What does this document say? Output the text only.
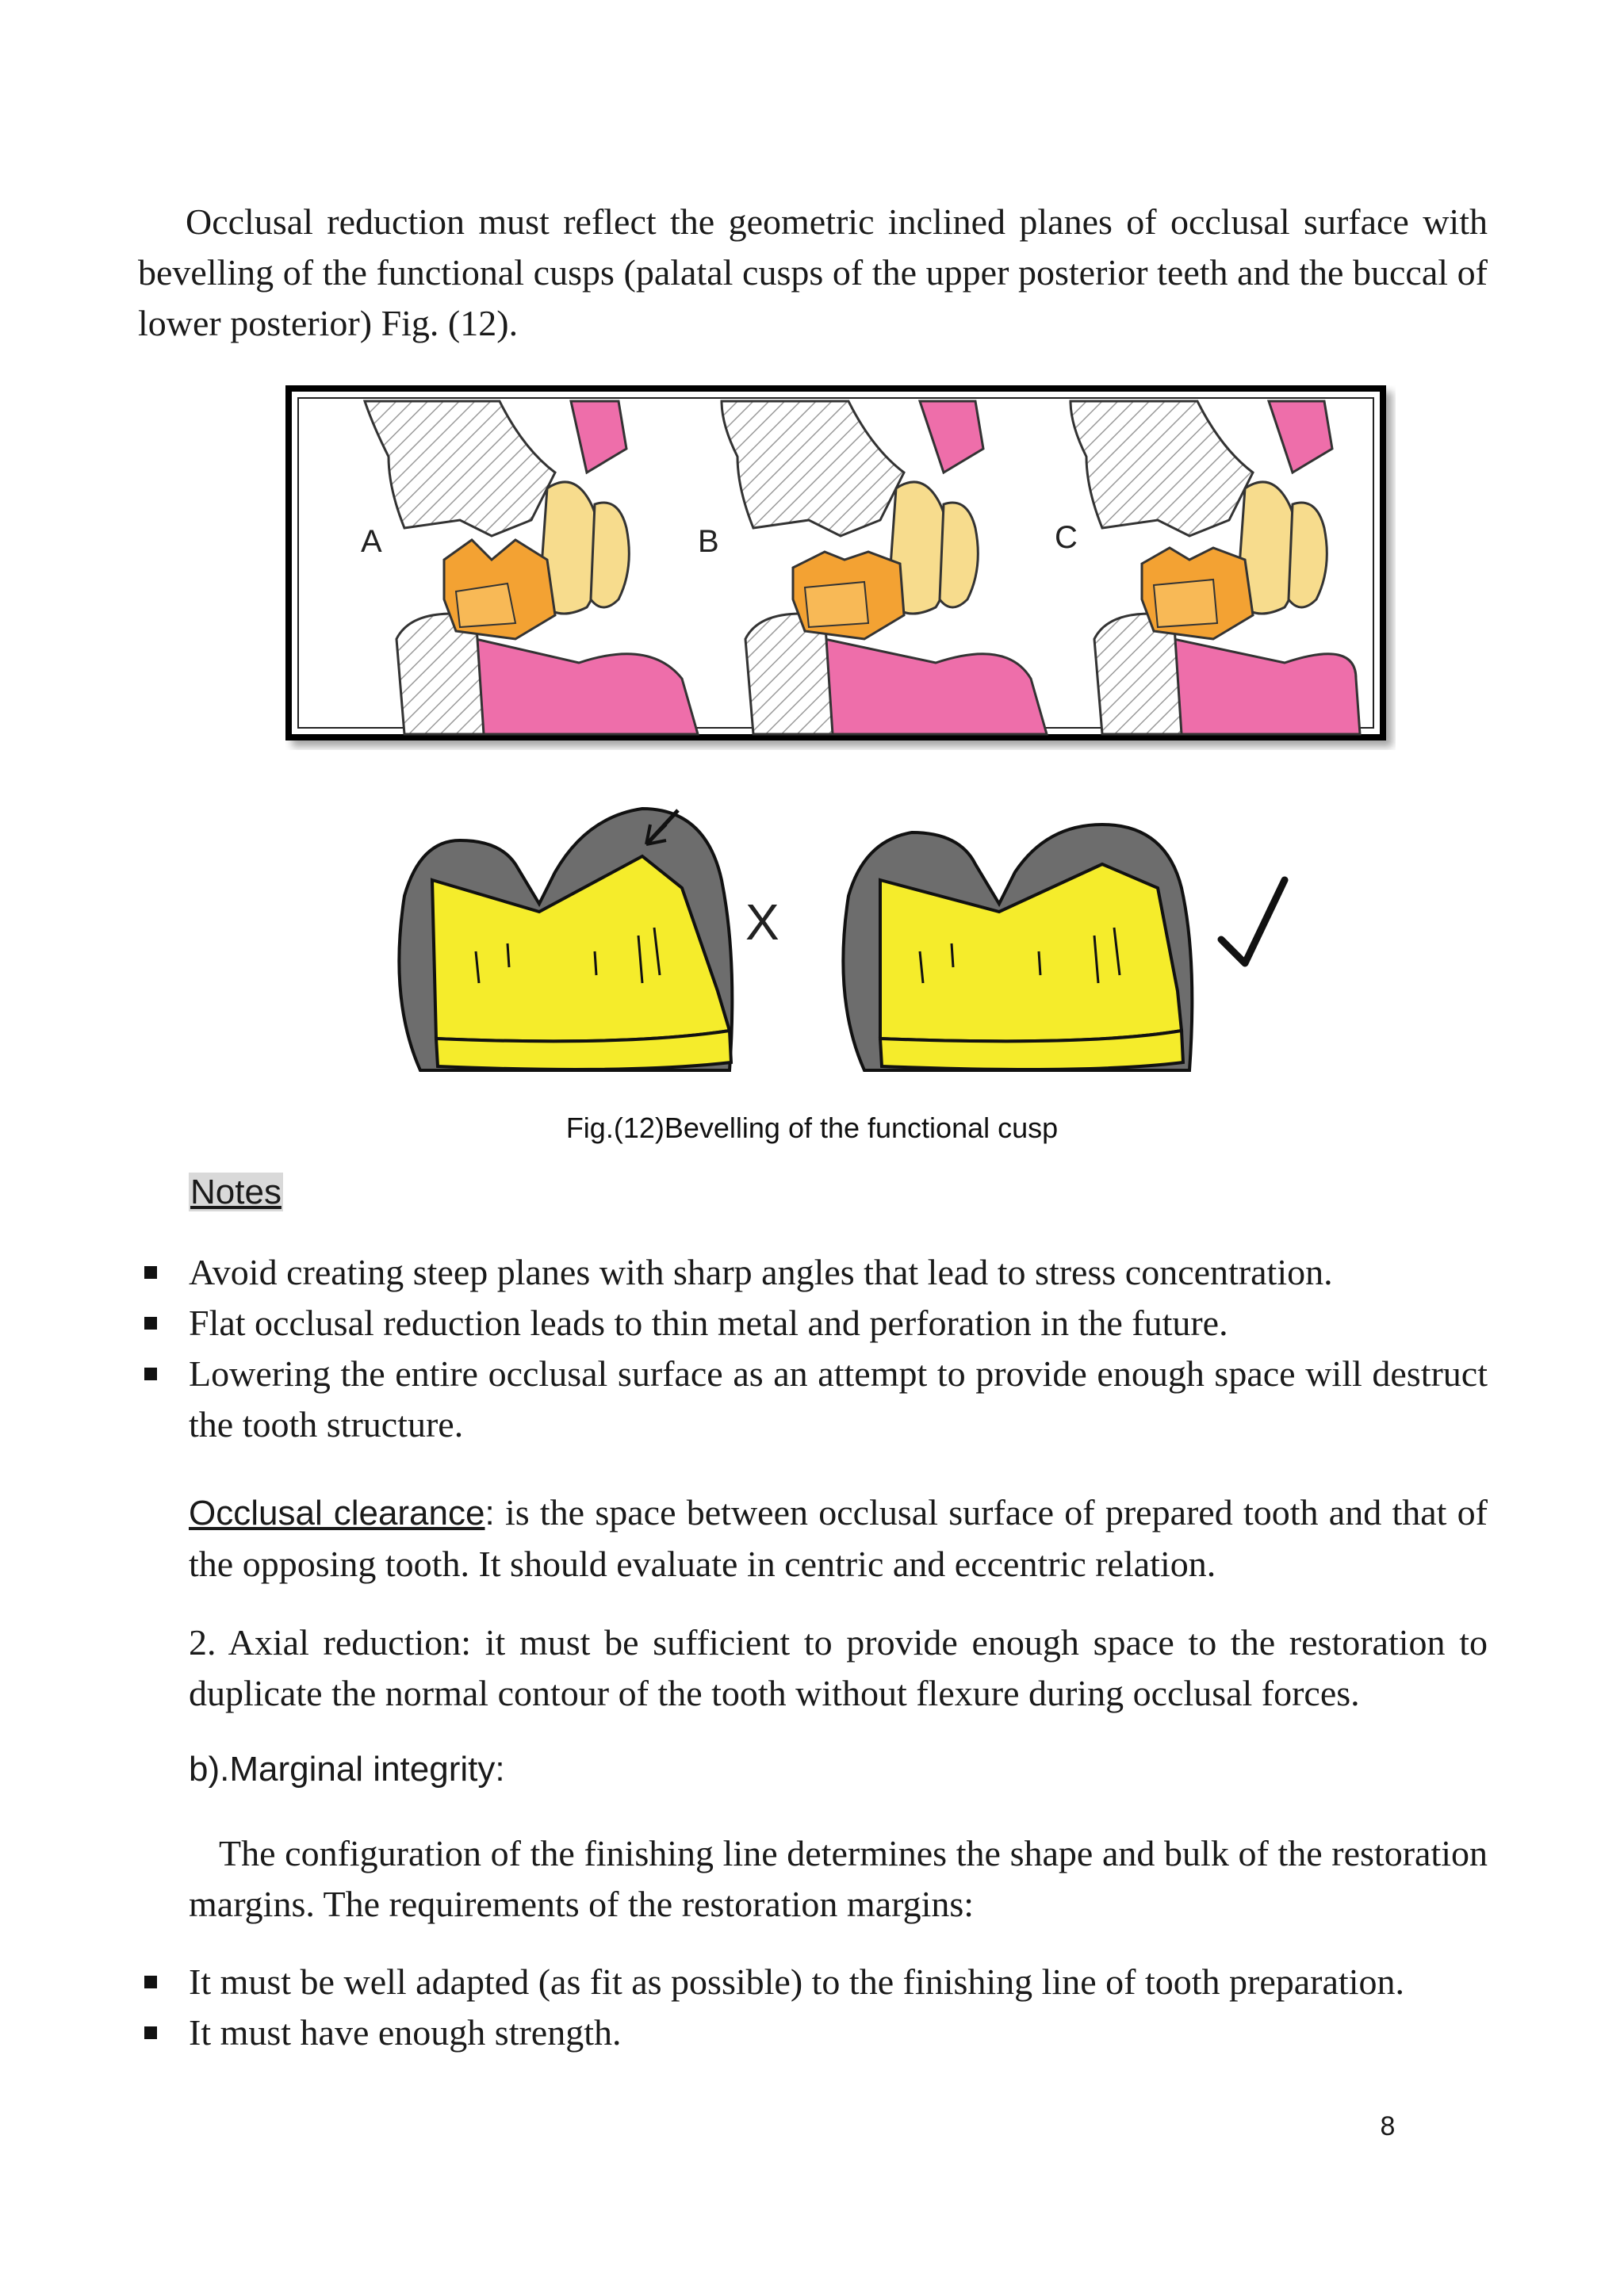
Occlusal reduction must reflect the geometric inclined planes of occlusal surface with bevelling of the functional cusps (palatal cusps of the upper posterior teeth and the buccal of lower posterior) Fig. (12).
A	B	C
X
Fig.(12)Bevelling of the functional cusp
Notes
Avoid creating steep planes with sharp angles that lead to stress concentration.
Flat occlusal reduction leads to thin metal and perforation in the future.
Lowering the entire occlusal surface as an attempt to provide enough space will destruct the tooth structure.
Occlusal clearance: is the space between occlusal surface of prepared tooth and that of the opposing tooth. It should evaluate in centric and eccentric relation.
2. Axial reduction: it must be sufficient to provide enough space to the restoration to duplicate the normal contour of the tooth without flexure during occlusal forces.
b).Marginal integrity:
The configuration of the finishing line determines the shape and bulk of the restoration margins. The requirements of the restoration margins:
It must be well adapted (as fit as possible) to the finishing line of tooth preparation.
It must have enough strength.
8
